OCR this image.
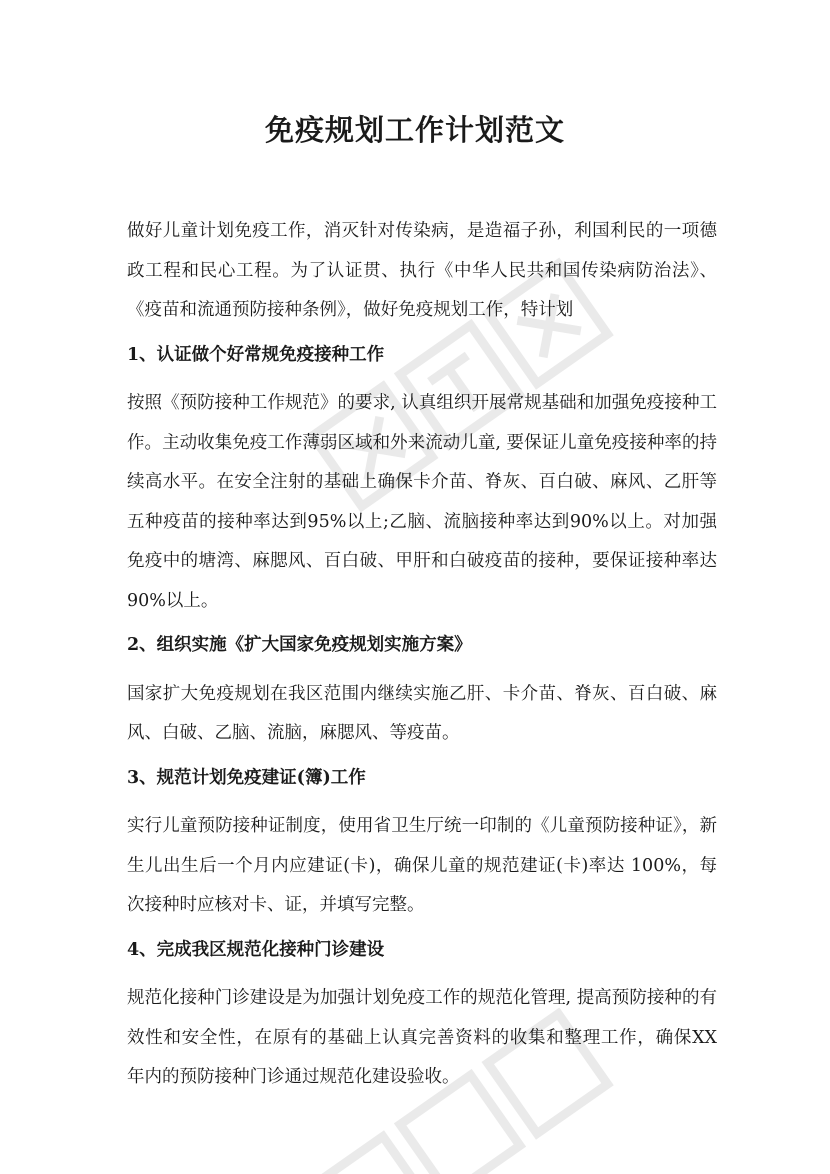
免疫规划工作计划范文

做好儿童计划免疫工作，消灭针对传染病，是造福子孙，利国利民的一项德政工程和民心工程。为了认证贯、执行《中华人民共和国传染病防治法》、《疫苗和流通预防接种条例》，做好免疫规划工作，特计划

1、认证做个好常规免疫接种工作

按照《预防接种工作规范》的要求, 认真组织开展常规基础和加强免疫接种工作。主动收集免疫工作薄弱区域和外来流动儿童, 要保证儿童免疫接种率的持续高水平。在安全注射的基础上确保卡介苗、脊灰、百白破、麻风、乙肝等五种疫苗的接种率达到95%以上;乙脑、流脑接种率达到90%以上。对加强免疫中的塘湾、麻腮风、百白破、甲肝和白破疫苗的接种，要保证接种率达90%以上。

2、组织实施《扩大国家免疫规划实施方案》

国家扩大免疫规划在我区范围内继续实施乙肝、卡介苗、脊灰、百白破、麻风、白破、乙脑、流脑，麻腮风、等疫苗。

3、规范计划免疫建证(簿)工作

实行儿童预防接种证制度，使用省卫生厅统一印制的《儿童预防接种证》，新生儿出生后一个月内应建证(卡)，确保儿童的规范建证(卡)率达 100%，每次接种时应核对卡、证，并填写完整。

4、完成我区规范化接种门诊建设

规范化接种门诊建设是为加强计划免疫工作的规范化管理, 提高预防接种的有效性和安全性，在原有的基础上认真完善资料的收集和整理工作，确保XX 年内的预防接种门诊通过规范化建设验收。
